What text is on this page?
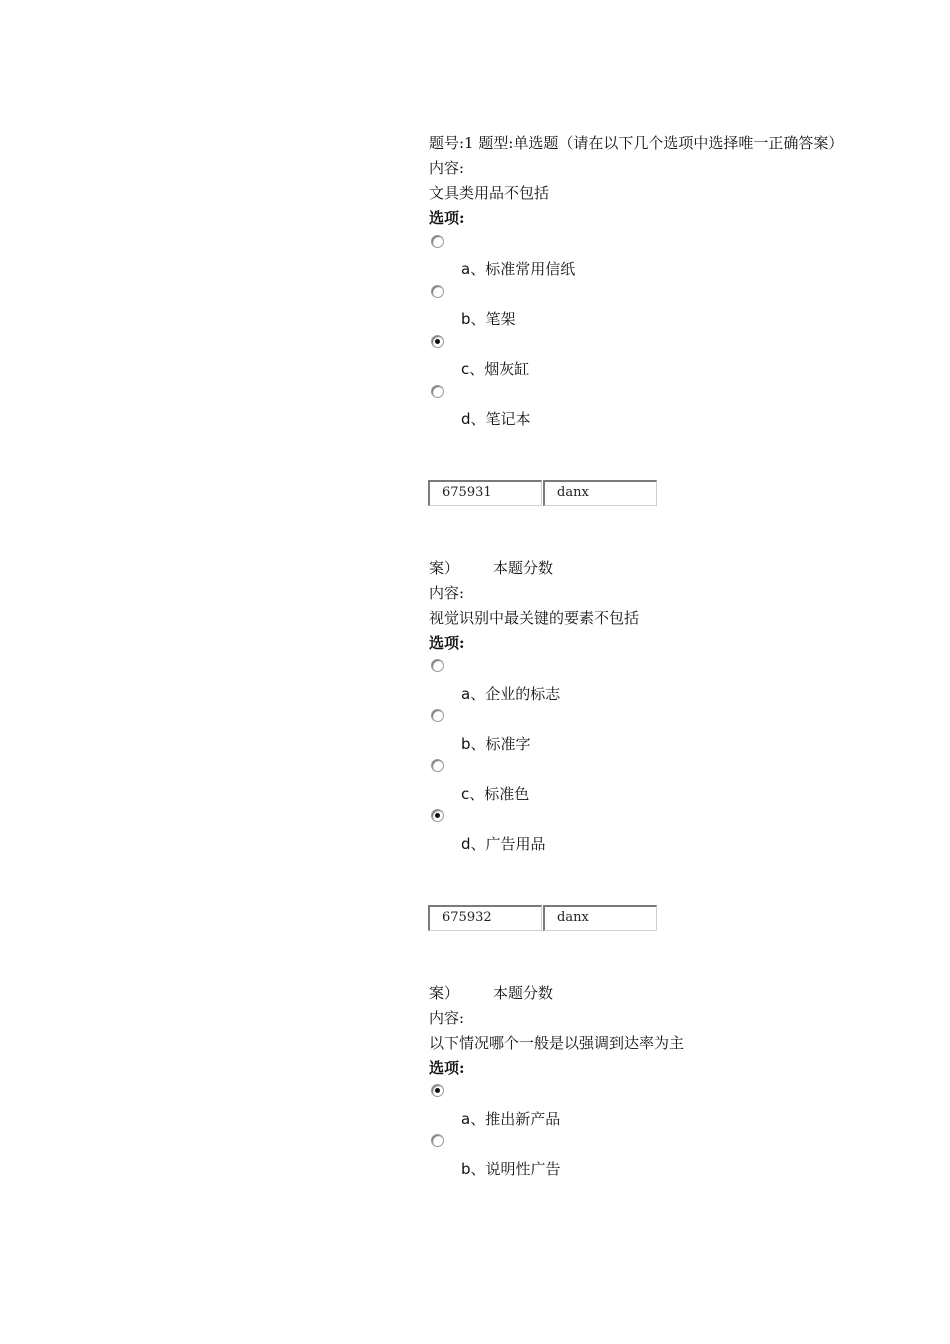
题号:1 题型:单选题（请在以下几个选项中选择唯一正确答案）
内容:
文具类用品不包括
选项:
a、标准常用信纸
b、笔架
c、烟灰缸
d、笔记本
675931	danx
案） 本题分数
内容:
视觉识别中最关键的要素不包括
选项:
a、企业的标志
b、标准字
c、标准色
d、广告用品
675932	danx
案） 本题分数
内容:
以下情况哪个一般是以强调到达率为主
选项:
a、推出新产品
b、说明性广告
